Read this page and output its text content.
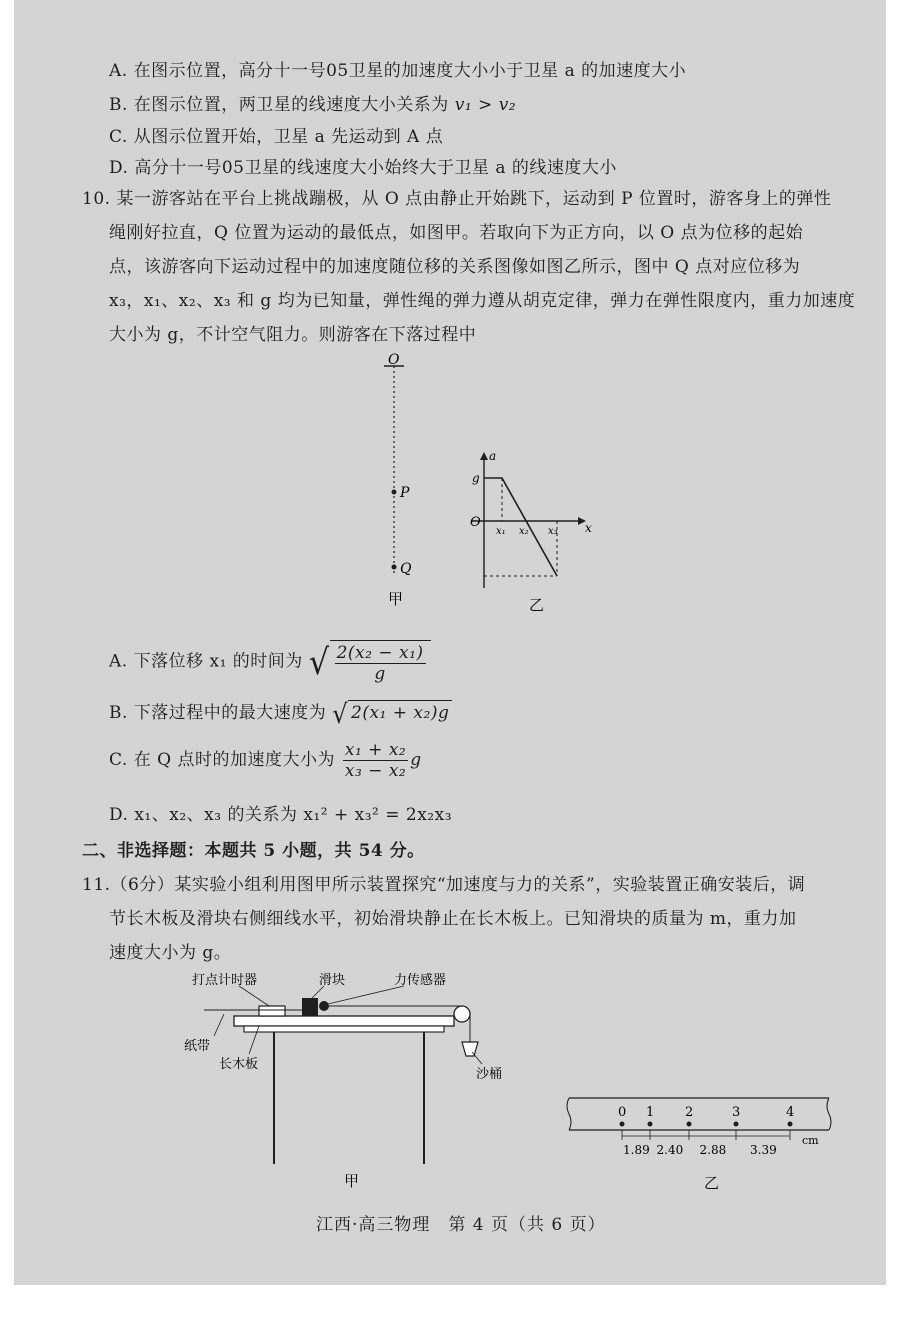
A. 在图示位置，高分十一号05卫星的加速度大小小于卫星 a 的加速度大小
B. 在图示位置，两卫星的线速度大小关系为 v₁ > v₂
C. 从图示位置开始，卫星 a 先运动到 A 点
D. 高分十一号05卫星的线速度大小始终大于卫星 a 的线速度大小
10. 某一游客站在平台上挑战蹦极，从 O 点由静止开始跳下，运动到 P 位置时，游客身上的弹性
绳刚好拉直，Q 位置为运动的最低点，如图甲。若取向下为正方向，以 O 点为位移的起始
点，该游客向下运动过程中的加速度随位移的关系图像如图乙所示，图中 Q 点对应位移为
x₃，x₁、x₂、x₃ 和 g 均为已知量，弹性绳的弹力遵从胡克定律，弹力在弹性限度内，重力加速度
大小为 g，不计空气阻力。则游客在下落过程中
O
P
Q
甲
a
g
O
x₁ x₂ x₃ x
乙
A. 下落位移 x₁ 的时间为 √ $\frac{\text{2(x₂ − x₁)}}{g}$
B. 下落过程中的最大速度为 √ 2(x₁ + x₂)g
C. 在 Q 点时的加速度大小为 $\frac{\text{x₁ + x₂}}{\text{x₃ − x₂}}$ g
D. x₁、x₂、x₃ 的关系为 x₁² + x₃² = 2x₂x₃
二、非选择题：本题共 5 小题，共 54 分。
11.（6分）某实验小组利用图甲所示装置探究“加速度与力的关系”，实验装置正确安装后，调
节长木板及滑块右侧细线水平，初始滑块静止在长木板上。已知滑块的质量为 m，重力加
速度大小为 g。
打点计时器	滑块	力传感器
纸带
长木板
沙桶
甲
0 1 2	3	4
1.89 2.40 2.88 3.39
cm
乙
江西·高三物理　第 4 页（共 6 页）
